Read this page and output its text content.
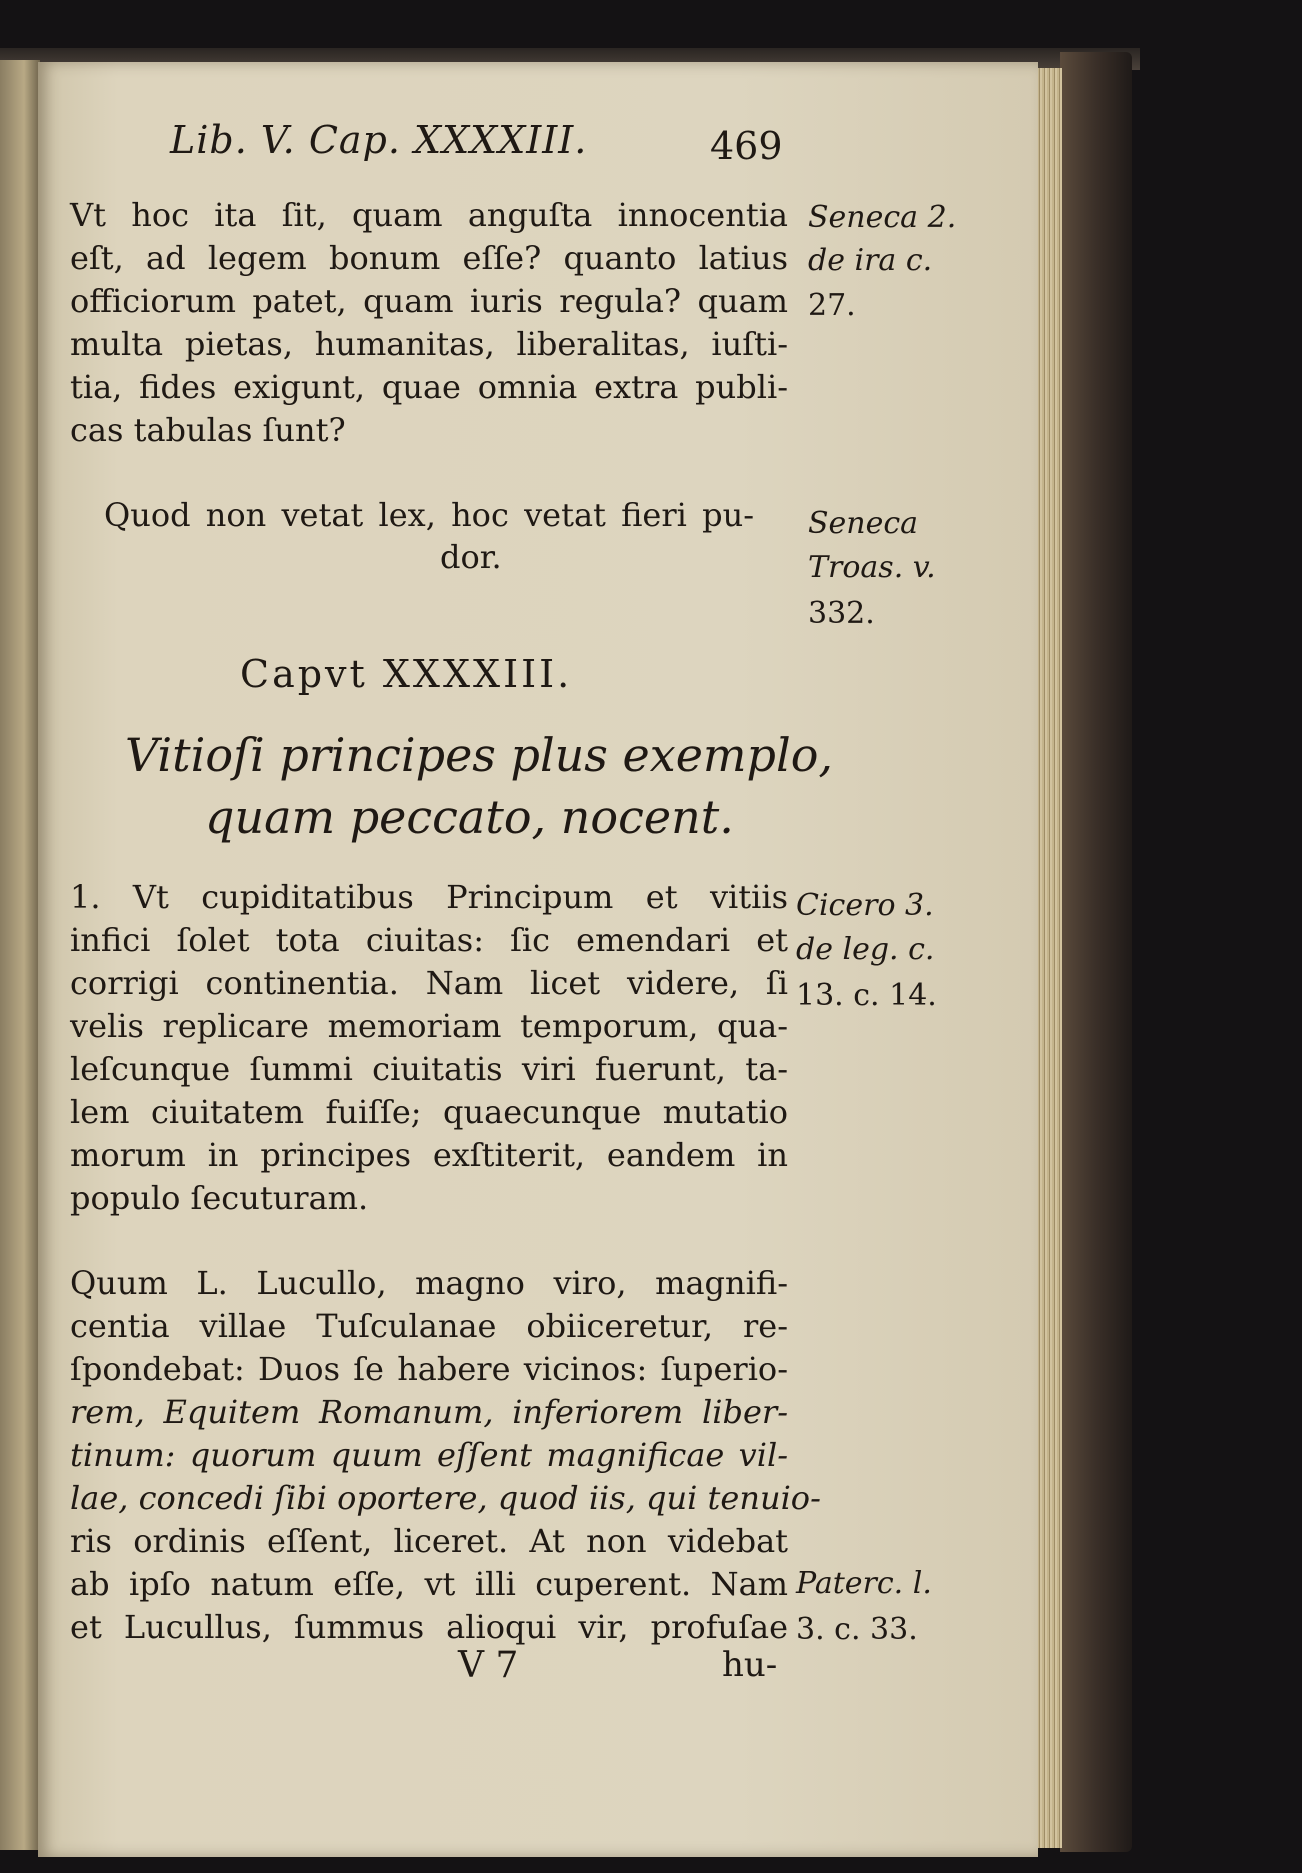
Lib. V. Cap. XXXXIII.	469
Vt hoc ita ſit, quam anguſta innocentia
eſt, ad legem bonum eſſe? quanto latius
officiorum patet, quam iuris regula? quam
multa pietas, humanitas, liberalitas, iuſti-
tia, fides exigunt, quae omnia extra publi-
cas tabulas ſunt?
Seneca 2.
de ira c.
27.
Quod non vetat lex, hoc vetat fieri pu-
dor.
Seneca
Troas. v.
332.
Capvt XXXXIII.
Vitioſi principes plus exemplo,
quam peccato, nocent.
1. Vt cupiditatibus Principum et vitiis
infici ſolet tota ciuitas: ſic emendari et
corrigi continentia. Nam licet videre, ſi
velis replicare memoriam temporum, qua-
leſcunque ſummi ciuitatis viri fuerunt, ta-
lem ciuitatem fuiſſe; quaecunque mutatio
morum in principes exſtiterit, eandem in
populo ſecuturam.
Cicero 3.
de leg. c.
13. c. 14.
Quum L. Lucullo, magno viro, magnifi-
centia villae Tuſculanae obiiceretur, re-
ſpondebat: Duos ſe habere vicinos: ſuperio-
rem, Equitem Romanum, inferiorem liber-
tinum: quorum quum eſſent magnificae vil-
lae, concedi ſibi oportere, quod iis, qui tenuio-
ris ordinis eſſent, liceret. At non videbat
ab ipſo natum eſſe, vt illi cuperent. Nam
et Lucullus, ſummus alioqui vir, profuſae
Paterc. l.
3. c. 33.
V 7	hu-
